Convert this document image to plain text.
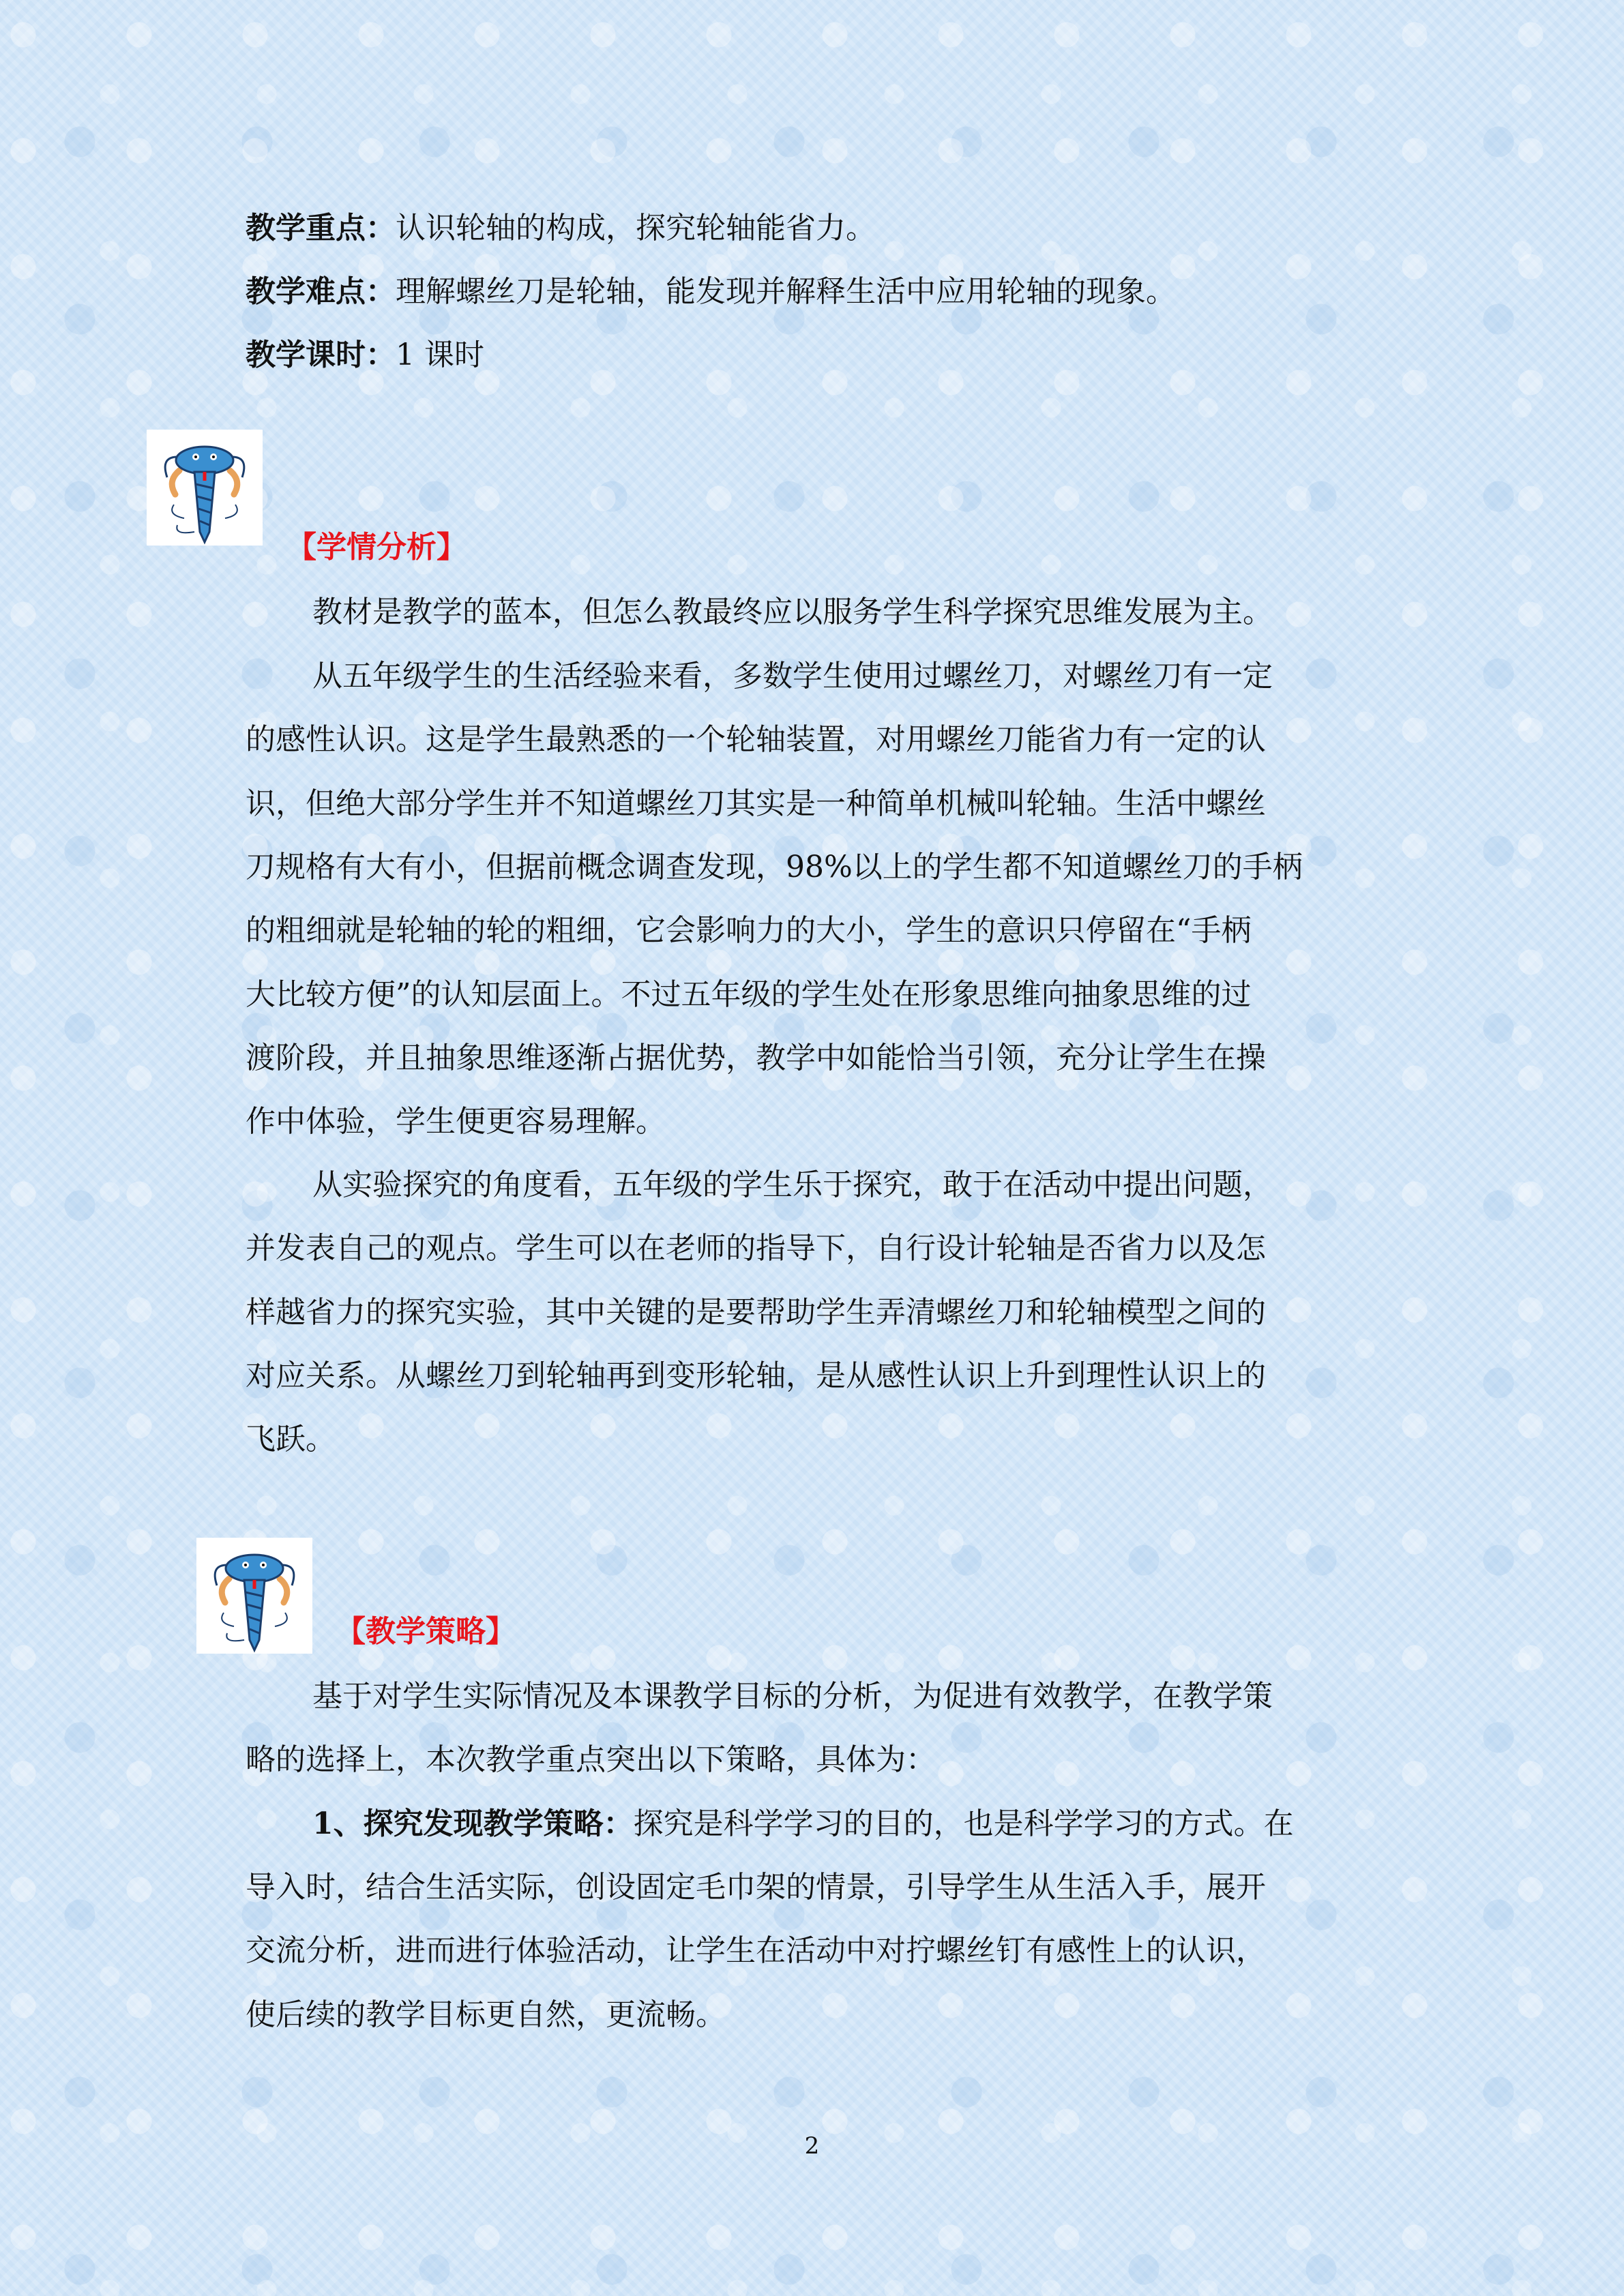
教学重点：认识轮轴的构成，探究轮轴能省力。
教学难点：理解螺丝刀是轮轴，能发现并解释生活中应用轮轴的现象。
教学课时：1 课时
【学情分析】
教材是教学的蓝本，但怎么教最终应以服务学生科学探究思维发展为主。
从五年级学生的生活经验来看，多数学生使用过螺丝刀，对螺丝刀有一定
的感性认识。这是学生最熟悉的一个轮轴装置，对用螺丝刀能省力有一定的认
识，但绝大部分学生并不知道螺丝刀其实是一种简单机械叫轮轴。生活中螺丝
刀规格有大有小，但据前概念调查发现，98%以上的学生都不知道螺丝刀的手柄
的粗细就是轮轴的轮的粗细，它会影响力的大小，学生的意识只停留在“手柄
大比较方便”的认知层面上。不过五年级的学生处在形象思维向抽象思维的过
渡阶段，并且抽象思维逐渐占据优势，教学中如能恰当引领，充分让学生在操
作中体验，学生便更容易理解。
从实验探究的角度看，五年级的学生乐于探究，敢于在活动中提出问题，
并发表自己的观点。学生可以在老师的指导下，自行设计轮轴是否省力以及怎
样越省力的探究实验，其中关键的是要帮助学生弄清螺丝刀和轮轴模型之间的
对应关系。从螺丝刀到轮轴再到变形轮轴，是从感性认识上升到理性认识上的
飞跃。
【教学策略】
基于对学生实际情况及本课教学目标的分析，为促进有效教学，在教学策
略的选择上，本次教学重点突出以下策略，具体为：
1、探究发现教学策略：探究是科学学习的目的，也是科学学习的方式。在
导入时，结合生活实际，创设固定毛巾架的情景，引导学生从生活入手，展开
交流分析，进而进行体验活动，让学生在活动中对拧螺丝钉有感性上的认识，
使后续的教学目标更自然，更流畅。
2
